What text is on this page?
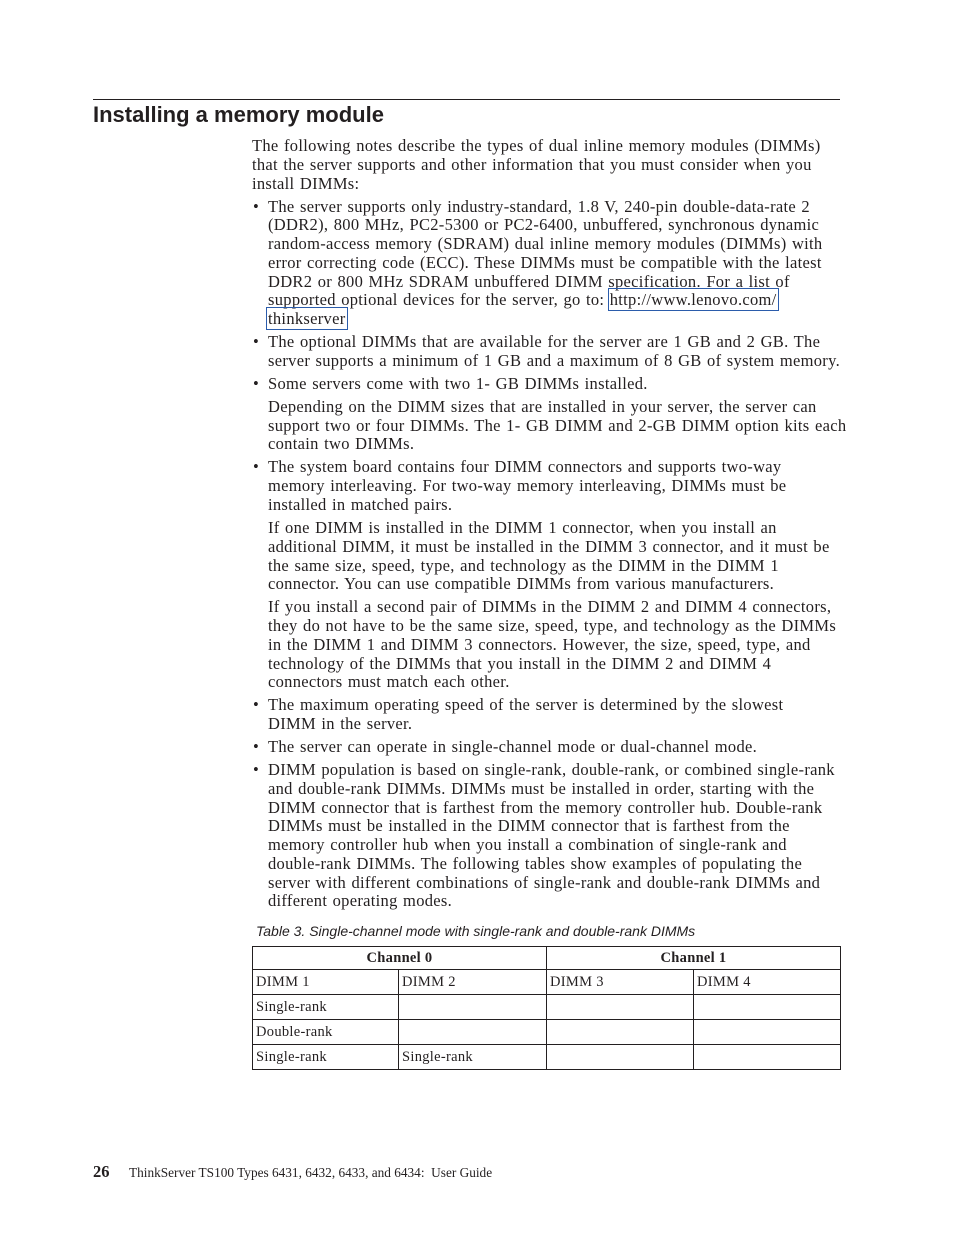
Installing a memory module
The following notes describe the types of dual inline memory modules (DIMMs)
that the server supports and other information that you must consider when you
install DIMMs:
•
The server supports only industry-standard, 1.8 V, 240-pin double-data-rate 2
(DDR2), 800 MHz, PC2-5300 or PC2-6400, unbuffered, synchronous dynamic
random-access memory (SDRAM) dual inline memory modules (DIMMs) with
error correcting code (ECC). These DIMMs must be compatible with the latest
DDR2 or 800 MHz SDRAM unbuffered DIMM specification. For a list of
supported optional devices for the server, go to: http://www.lenovo.com/
thinkserver
•
The optional DIMMs that are available for the server are 1 GB and 2 GB. The
server supports a minimum of 1 GB and a maximum of 8 GB of system memory.
•
Some servers come with two 1- GB DIMMs installed.
Depending on the DIMM sizes that are installed in your server, the server can
support two or four DIMMs. The 1- GB DIMM and 2-GB DIMM option kits each
contain two DIMMs.
•
The system board contains four DIMM connectors and supports two-way
memory interleaving. For two-way memory interleaving, DIMMs must be
installed in matched pairs.
If one DIMM is installed in the DIMM 1 connector, when you install an
additional DIMM, it must be installed in the DIMM 3 connector, and it must be
the same size, speed, type, and technology as the DIMM in the DIMM 1
connector. You can use compatible DIMMs from various manufacturers.
If you install a second pair of DIMMs in the DIMM 2 and DIMM 4 connectors,
they do not have to be the same size, speed, type, and technology as the DIMMs
in the DIMM 1 and DIMM 3 connectors. However, the size, speed, type, and
technology of the DIMMs that you install in the DIMM 2 and DIMM 4
connectors must match each other.
•
The maximum operating speed of the server is determined by the slowest
DIMM in the server.
•
The server can operate in single-channel mode or dual-channel mode.
•
DIMM population is based on single-rank, double-rank, or combined single-rank
and double-rank DIMMs. DIMMs must be installed in order, starting with the
DIMM connector that is farthest from the memory controller hub. Double-rank
DIMMs must be installed in the DIMM connector that is farthest from the
memory controller hub when you install a combination of single-rank and
double-rank DIMMs. The following tables show examples of populating the
server with different combinations of single-rank and double-rank DIMMs and
different operating modes.
Table 3. Single-channel mode with single-rank and double-rank DIMMs
Channel 0		Channel 1	
DIMM 1	DIMM 2	DIMM 3	DIMM 4
Single-rank			
Double-rank			
Single-rank	Single-rank		
26 ThinkServer TS100 Types 6431, 6432, 6433, and 6434:  User Guide
